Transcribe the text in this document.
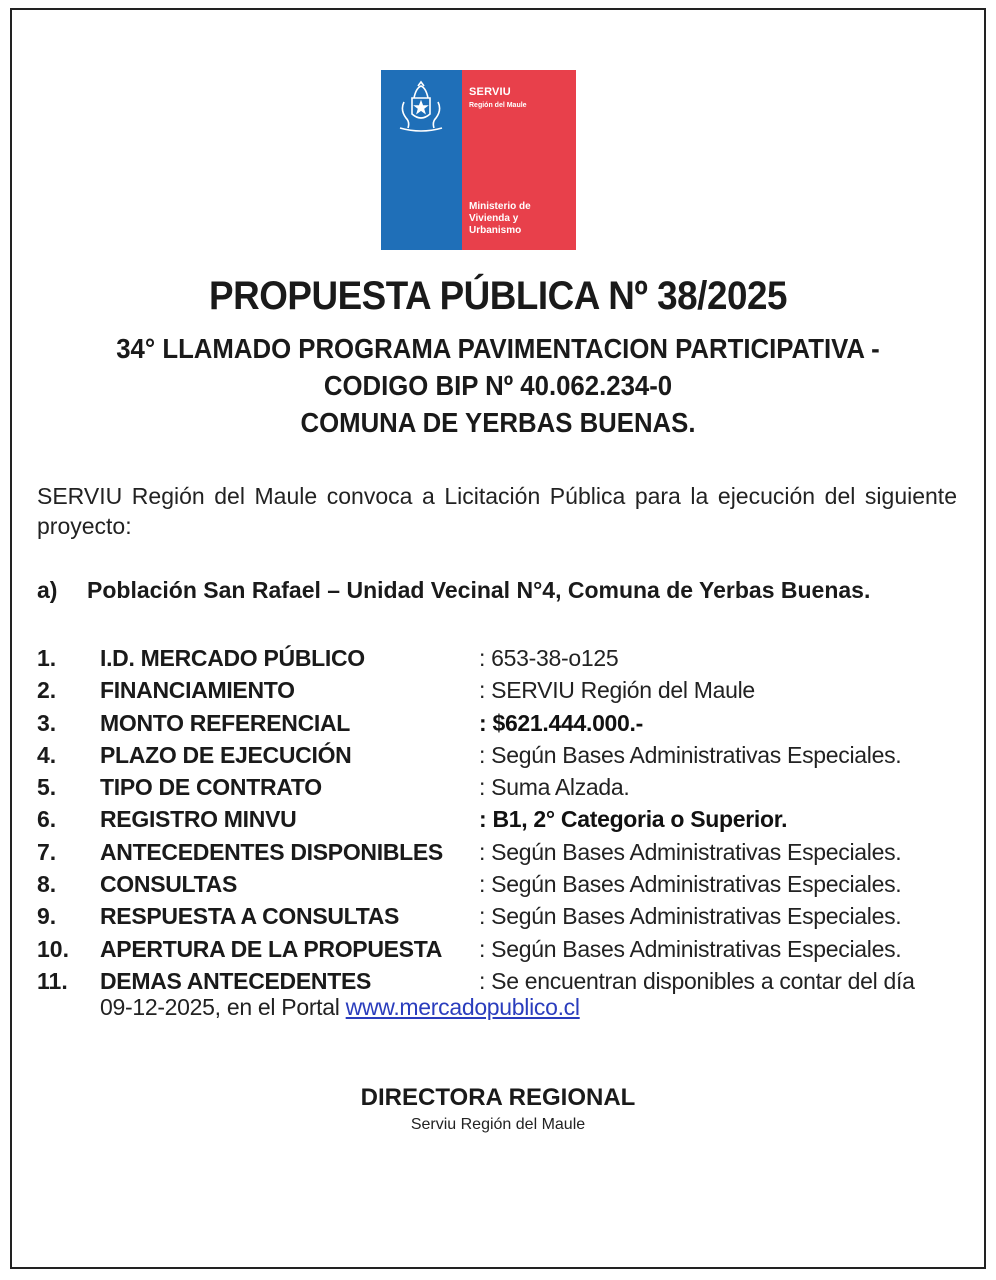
SERVIU
Región del Maule
Ministerio de Vivienda y Urbanismo
PROPUESTA PÚBLICA Nº 38/2025
34° LLAMADO PROGRAMA PAVIMENTACION PARTICIPATIVA -
CODIGO BIP Nº 40.062.234-0
COMUNA DE YERBAS BUENAS.
SERVIU Región del Maule convoca a Licitación Pública para la ejecución del siguiente proyecto:
a) Población San Rafael – Unidad Vecinal N°4, Comuna de Yerbas Buenas.
1. I.D. MERCADO PÚBLICO	: 653-38-o125
2. FINANCIAMIENTO	: SERVIU Región del Maule
3. MONTO REFERENCIAL	: $621.444.000.-
4. PLAZO DE EJECUCIÓN	: Según Bases Administrativas Especiales.
5. TIPO DE CONTRATO	: Suma Alzada.
6. REGISTRO MINVU	: B1, 2° Categoria o Superior.
7. ANTECEDENTES DISPONIBLES : Según Bases Administrativas Especiales.
8. CONSULTAS	: Según Bases Administrativas Especiales.
9. RESPUESTA A CONSULTAS	: Según Bases Administrativas Especiales.
10. APERTURA DE LA PROPUESTA : Según Bases Administrativas Especiales.
11. DEMAS ANTECEDENTES	: Se encuentran disponibles a contar del día
09-12-2025, en el Portal www.mercadopublico.cl
DIRECTORA REGIONAL
Serviu Región del Maule
